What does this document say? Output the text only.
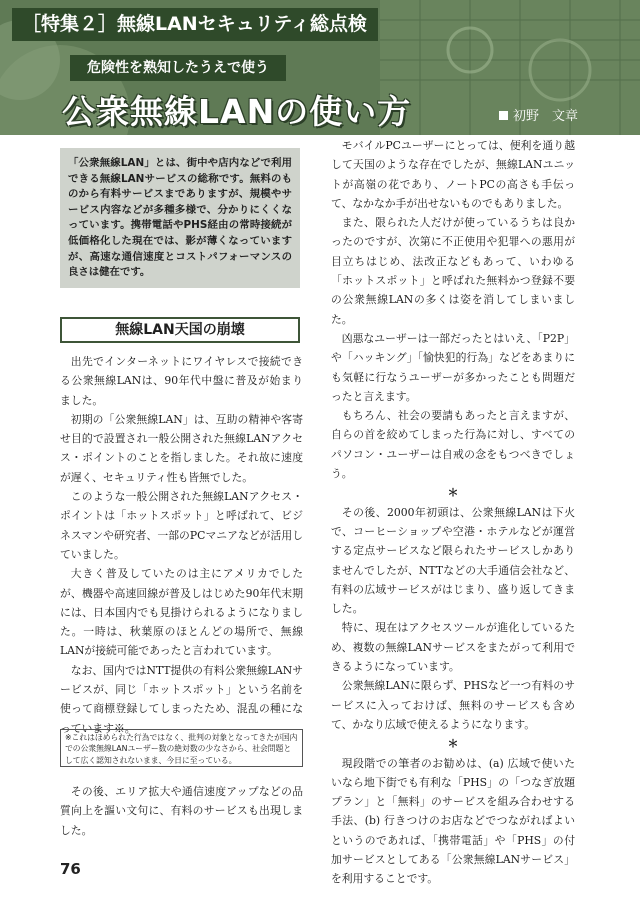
［特集２］無線LANセキュリティ総点検
危険性を熟知したうえで使う
公衆無線LANの使い方	初野　文章
「公衆無線LAN」とは、街中や店内などで利用できる無線LANサービスの総称です。無料のものから有料サービスまでありますが、規模やサービス内容などが多種多様で、分かりにくくなっています。携帯電話やPHS経由の常時接続が低価格化した現在では、影が薄くなっていますが、高速な通信速度とコストパフォーマンスの良さは健在です。
無線LAN天国の崩壊

出先でインターネットにワイヤレスで接続できる公衆無線LANは、90年代中盤に普及が始まりました。

初期の「公衆無線LAN」は、互助の精神や客寄せ目的で設置され一般公開された無線LANアクセス・ポイントのことを指しました。それ故に速度が遅く、セキュリティ性も皆無でした。

このような一般公開された無線LANアクセス・ポイントは「ホットスポット」と呼ばれて、ビジネスマンや研究者、一部のPCマニアなどが活用していました。

大きく普及していたのは主にアメリカでしたが、機器や高速回線が普及しはじめた90年代末期には、日本国内でも見掛けられるようになりました。一時は、秋葉原のほとんどの場所で、無線LANが接続可能であったと言われています。

なお、国内ではNTT提供の有料公衆無線LANサービスが、同じ「ホットスポット」という名前を使って商標登録してしまったため、混乱の種になっています※。

※これはほめられた行為ではなく、批判の対象となってきたが国内での公衆無線LANユーザー数の絶対数の少なさから、社会問題として広く認知されないまま、今日に至っている。

その後、エリア拡大や通信速度アップなどの品質向上を謳い文句に、有料のサービスも出現しました。

モバイルPCユーザーにとっては、便利を通り越して天国のような存在でしたが、無線LANユニットが高嶺の花であり、ノートPCの高さも手伝って、なかなか手が出せないものでもありました。

また、限られた人だけが使っているうちは良かったのですが、次第に不正使用や犯罪への悪用が目立ちはじめ、法改正などもあって、いわゆる「ホットスポット」と呼ばれた無料かつ登録不要の公衆無線LANの多くは姿を消してしまいました。

凶悪なユーザーは一部だったとはいえ、「P2P」や「ハッキング」「愉快犯的行為」などをあまりにも気軽に行なうユーザーが多かったことも問題だったと言えます。

もちろん、社会の要請もあったと言えますが、自らの首を絞めてしまった行為に対し、すべてのパソコン・ユーザーは自戒の念をもつべきでしょう。

＊

その後、2000年初頭は、公衆無線LANは下火で、コーヒーショップや空港・ホテルなどが運営する定点サービスなど限られたサービスしかありませんでしたが、NTTなどの大手通信会社など、有料の広域サービスがはじまり、盛り返してきました。

特に、現在はアクセスツールが進化しているため、複数の無線LANサービスをまたがって利用できるようになっています。

公衆無線LANに限らず、PHSなど一つ有料のサービスに入っておけば、無料のサービスも含めて、かなり広域で使えるようになります。

＊

現段階での筆者のお勧めは、(a) 広域で使いたいなら地下街でも有利な「PHS」の「つなぎ放題プラン」と「無料」のサービスを組み合わせする手法、(b) 行きつけのお店などでつながればよいというのであれば、「携帯電話」や「PHS」の付加サービスとしてある「公衆無線LANサービス」を利用することです。

76
